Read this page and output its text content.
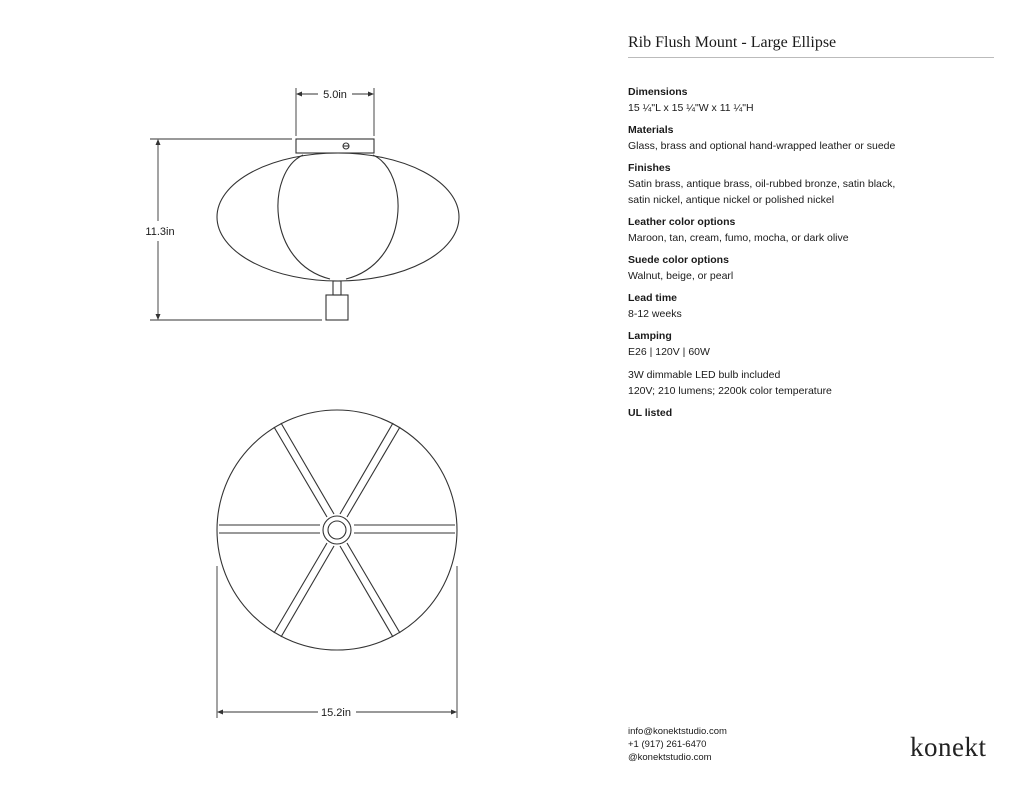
5.0in
11.3in
15.2in
Rib Flush Mount - Large Ellipse
Dimensions
15 ¼"L x 15 ¼"W x 11 ¼"H
Materials
Glass, brass and optional hand-wrapped leather or suede
Finishes
Satin brass, antique brass, oil-rubbed bronze, satin black,
satin nickel, antique nickel or polished nickel
Leather color options
Maroon, tan, cream, fumo, mocha, or dark olive
Suede color options
Walnut, beige, or pearl
Lead time
8-12 weeks
Lamping
E26 | 120V | 60W
3W dimmable LED bulb included
120V; 210 lumens; 2200k color temperature
UL listed
info@konektstudio.com
+1 (917) 261-6470
@konektstudio.com	konekt
